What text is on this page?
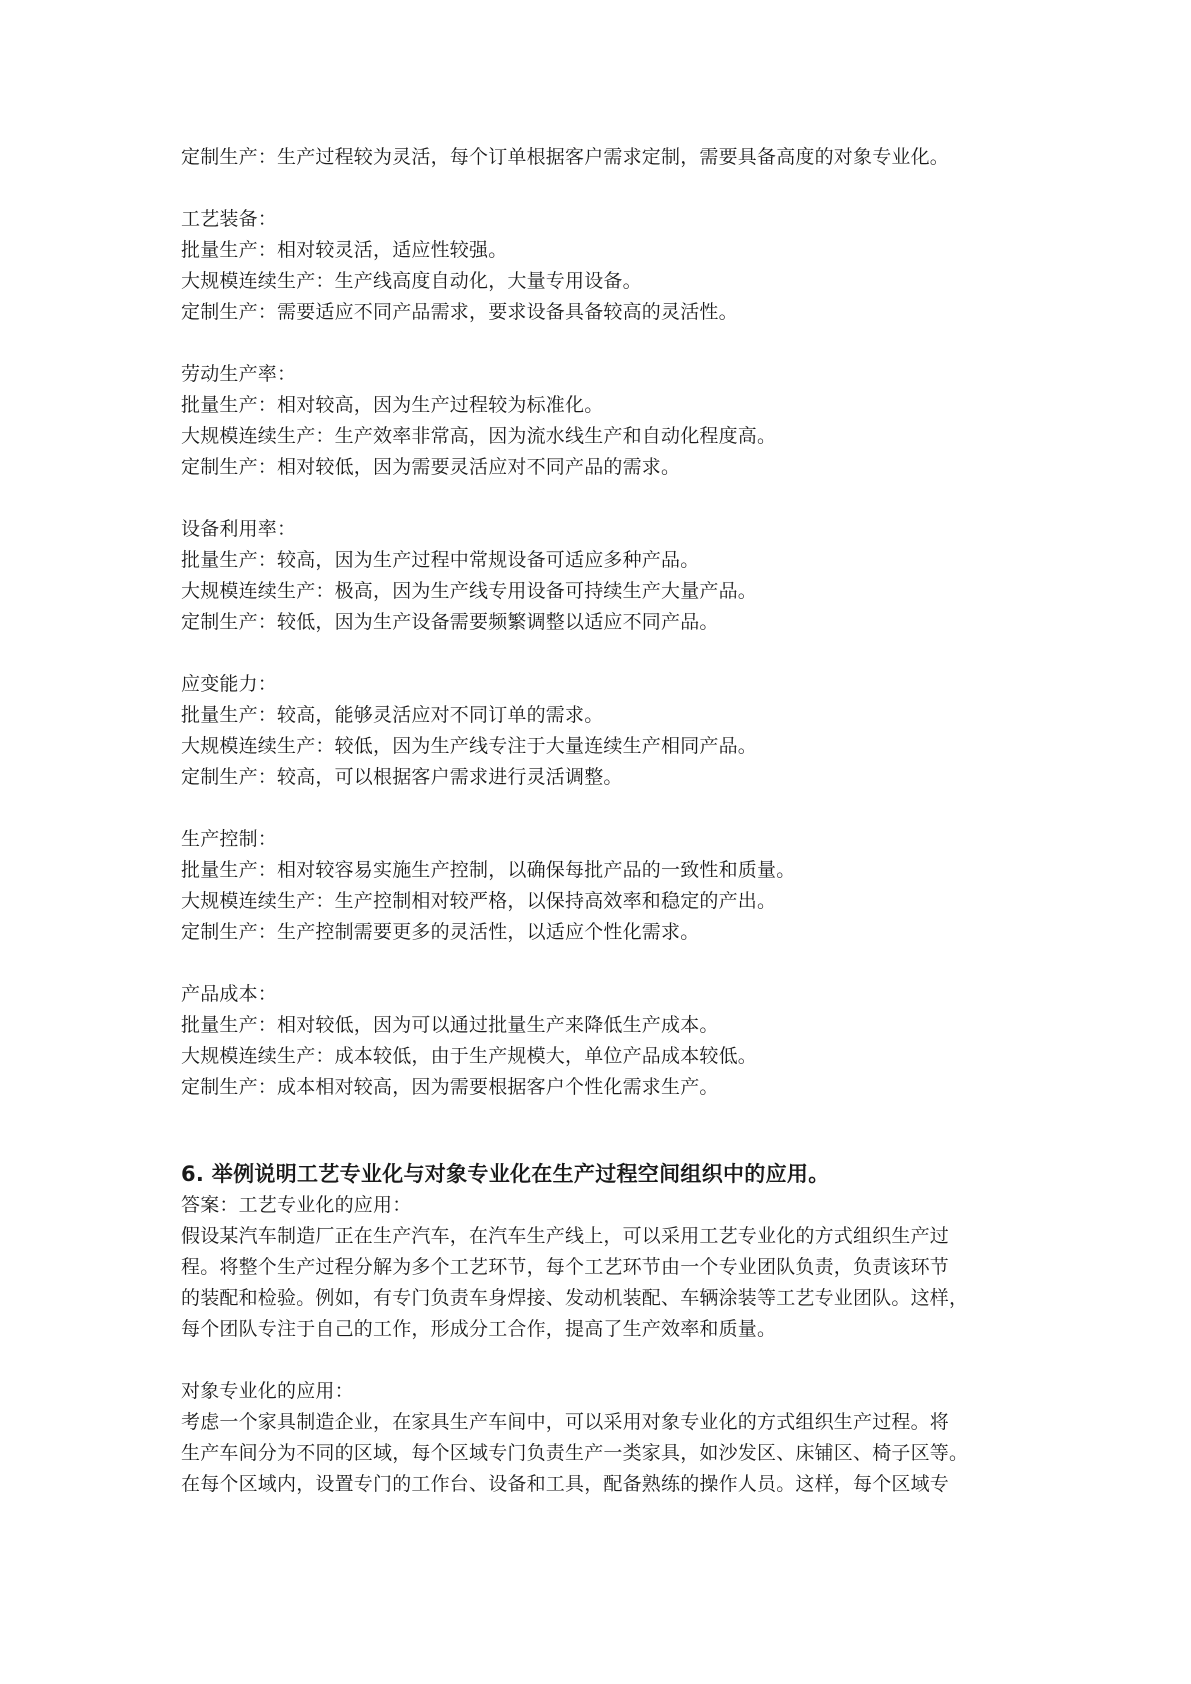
定制生产：生产过程较为灵活，每个订单根据客户需求定制，需要具备高度的对象专业化。
工艺装备：
批量生产：相对较灵活，适应性较强。
大规模连续生产：生产线高度自动化，大量专用设备。
定制生产：需要适应不同产品需求，要求设备具备较高的灵活性。
劳动生产率：
批量生产：相对较高，因为生产过程较为标准化。
大规模连续生产：生产效率非常高，因为流水线生产和自动化程度高。
定制生产：相对较低，因为需要灵活应对不同产品的需求。
设备利用率：
批量生产：较高，因为生产过程中常规设备可适应多种产品。
大规模连续生产：极高，因为生产线专用设备可持续生产大量产品。
定制生产：较低，因为生产设备需要频繁调整以适应不同产品。
应变能力：
批量生产：较高，能够灵活应对不同订单的需求。
大规模连续生产：较低，因为生产线专注于大量连续生产相同产品。
定制生产：较高，可以根据客户需求进行灵活调整。
生产控制：
批量生产：相对较容易实施生产控制，以确保每批产品的一致性和质量。
大规模连续生产：生产控制相对较严格，以保持高效率和稳定的产出。
定制生产：生产控制需要更多的灵活性，以适应个性化需求。
产品成本：
批量生产：相对较低，因为可以通过批量生产来降低生产成本。
大规模连续生产：成本较低，由于生产规模大，单位产品成本较低。
定制生产：成本相对较高，因为需要根据客户个性化需求生产。
6. 举例说明工艺专业化与对象专业化在生产过程空间组织中的应用。
答案：工艺专业化的应用：
假设某汽车制造厂正在生产汽车，在汽车生产线上，可以采用工艺专业化的方式组织生产过
程。将整个生产过程分解为多个工艺环节，每个工艺环节由一个专业团队负责，负责该环节
的装配和检验。例如，有专门负责车身焊接、发动机装配、车辆涂装等工艺专业团队。这样，
每个团队专注于自己的工作，形成分工合作，提高了生产效率和质量。
对象专业化的应用：
考虑一个家具制造企业，在家具生产车间中，可以采用对象专业化的方式组织生产过程。将
生产车间分为不同的区域，每个区域专门负责生产一类家具，如沙发区、床铺区、椅子区等。
在每个区域内，设置专门的工作台、设备和工具，配备熟练的操作人员。这样，每个区域专
